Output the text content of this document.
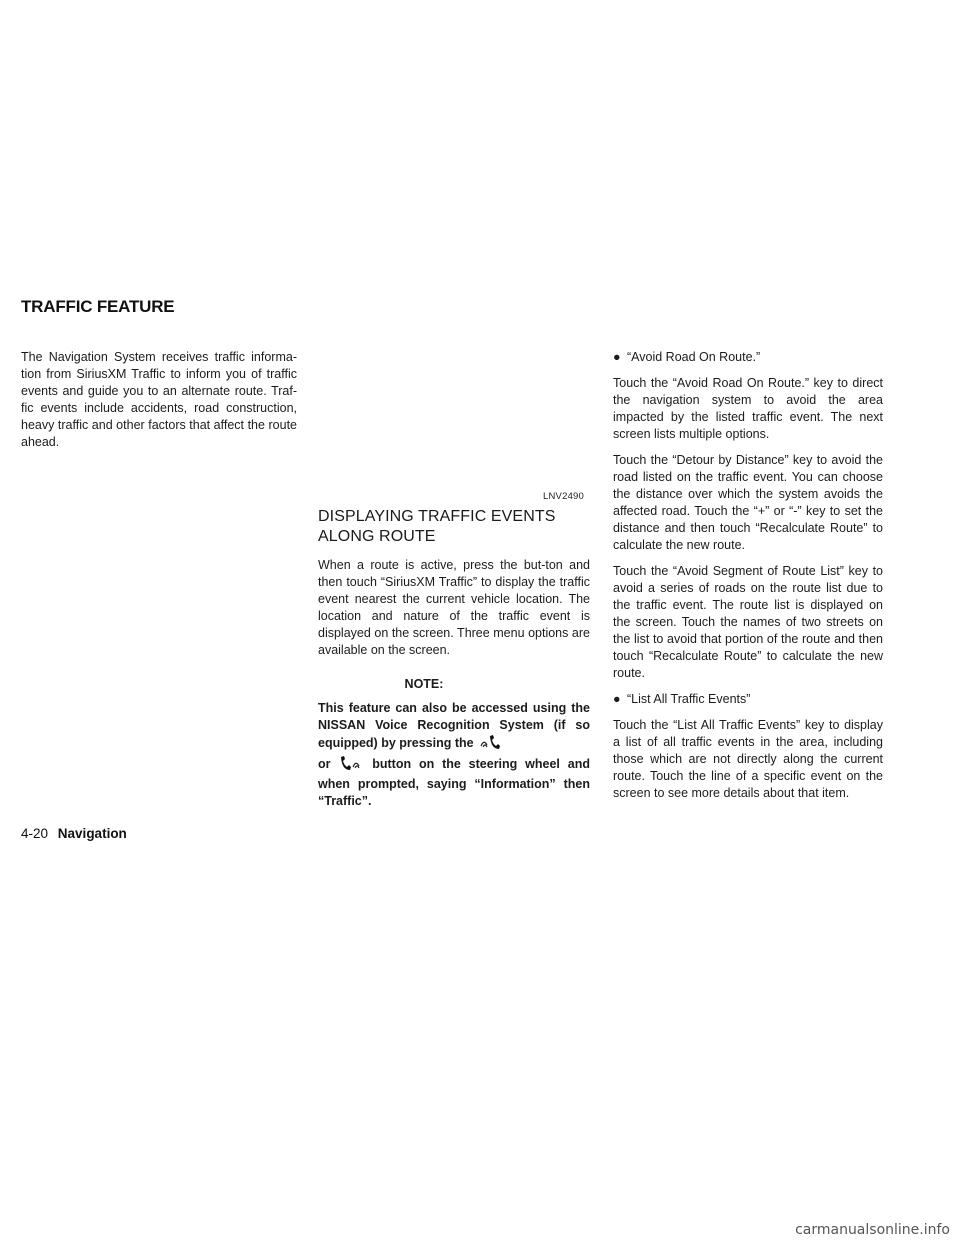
TRAFFIC FEATURE

The Navigation System receives traffic informa-tion from SiriusXM Traffic to inform you of traffic events and guide you to an alternate route. Traf-fic events include accidents, road construction, heavy traffic and other factors that affect the route ahead.

LNV2490
DISPLAYING TRAFFIC EVENTS ALONG ROUTE

When a route is active, press the but-ton and then touch “SiriusXM Traffic” to display the traffic event nearest the current vehicle location. The location and nature of the traffic event is displayed on the screen. Three menu options are available on the screen.

NOTE:

This feature can also be accessed using the NISSAN Voice Recognition System (if so equipped) by pressing the
or	button on the steering wheel and when prompted, saying “Information” then “Traffic”.

● “Avoid Road On Route.”

Touch the “Avoid Road On Route.” key to direct the navigation system to avoid the area impacted by the listed traffic event. The next screen lists multiple options.

Touch the “Detour by Distance” key to avoid the road listed on the traffic event. You can choose the distance over which the system avoids the affected road. Touch the “+” or “-” key to set the distance and then touch “Recalculate Route” to calculate the new route.

Touch the “Avoid Segment of Route List” key to avoid a series of roads on the route list due to the traffic event. The route list is displayed on the screen. Touch the names of two streets on the list to avoid that portion of the route and then touch “Recalculate Route” to calculate the new route.

● “List All Traffic Events”

Touch the “List All Traffic Events” key to display a list of all traffic events in the area, including those which are not directly along the current route. Touch the line of a specific event on the screen to see more details about that item.

4-20 Navigation
carmanualsonline.info
